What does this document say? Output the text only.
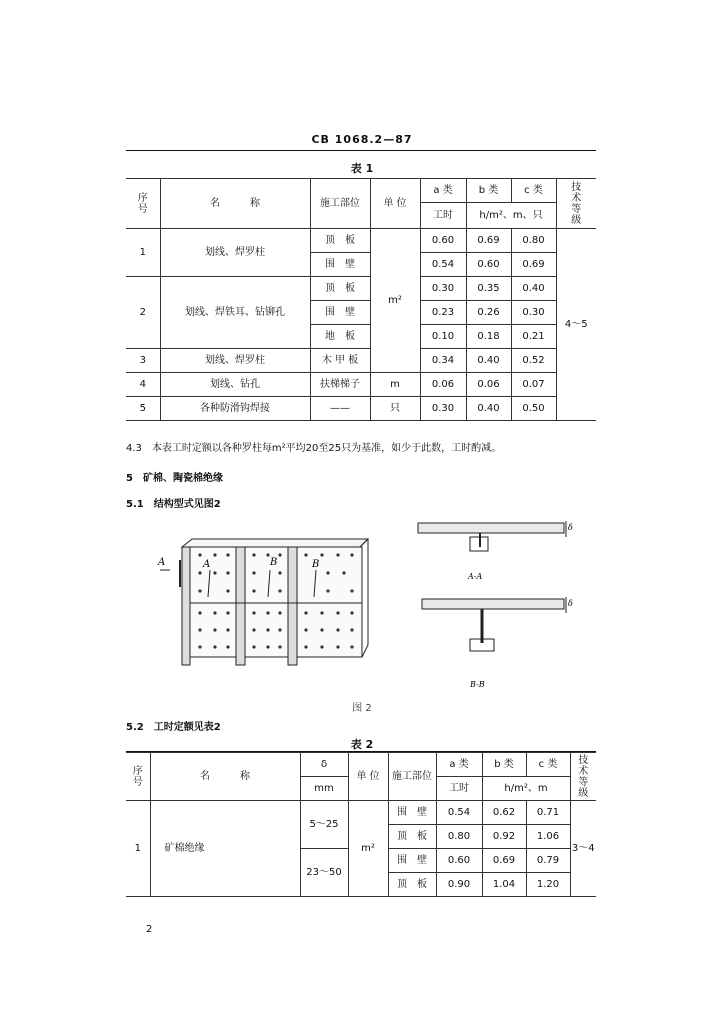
CB 1068.2—87
表 1
序
号	名　　　称	施工部位	单 位	a 类	b 类	c 类	技术等级
				工时	h/m²、m、只		
1	划线、焊罗柱	顶　板	m²	0.60	0.69	0.80	4～5
		围　壁		0.54	0.60	0.69	
2	划线、焊铁耳、钻铆孔	顶　板		0.30	0.35	0.40	
		围　壁		0.23	0.26	0.30	
		地　板		0.10	0.18	0.21	
3	划线、焊罗柱	木 甲 板		0.34	0.40	0.52	
4	划线、钻孔	扶梯梯子	m	0.06	0.06	0.07	
5	各种防滑钩焊接	——	只	0.30	0.40	0.50	
4.3　本表工时定额以各种罗柱每m²平均20至25只为基准，如少于此数，工时酌减。
5　矿棉、陶瓷棉绝缘
5.1　结构型式见图2
A	A	B	B
δ
A-A
δ
B-B
图 2
5.2　工时定额见表2
表 2
序
号	名　　　称	δ	单 位	施工部位	a 类	b 类	c 类	技术等级
		mm			工时	h/m²、m		
1	矿棉绝缘	5～25	m²	围　壁	0.54	0.62	0.71	3～4
				顶　板	0.80	0.92	1.06	
		23～50		围　壁	0.60	0.69	0.79	
				顶　板	0.90	1.04	1.20	
2
